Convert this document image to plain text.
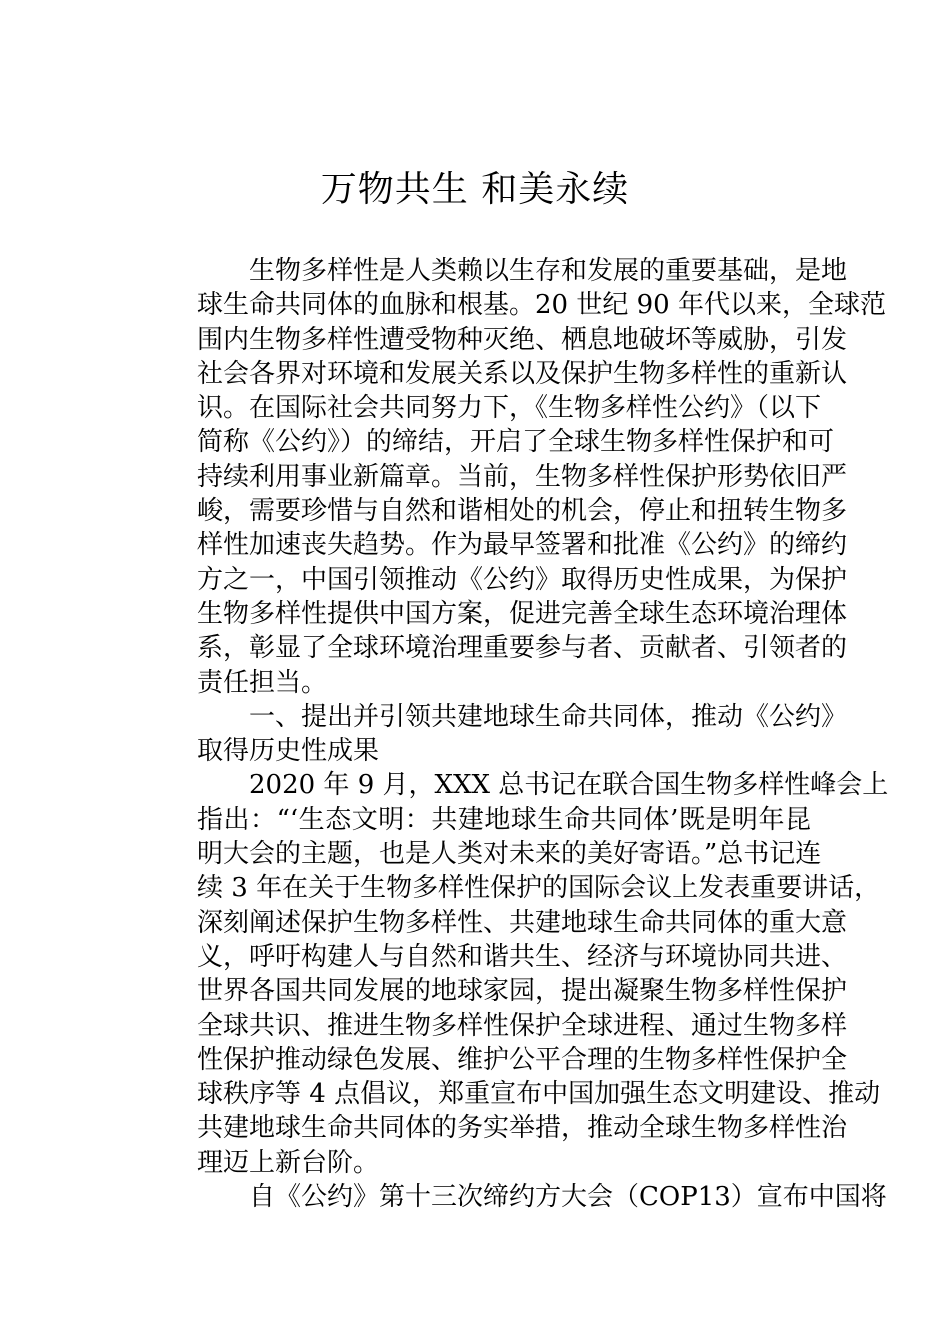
万物共生 和美永续
生物多样性是人类赖以生存和发展的重要基础，是地
球生命共同体的血脉和根基。20 世纪 90 年代以来，全球范
围内生物多样性遭受物种灭绝、栖息地破坏等威胁，引发
社会各界对环境和发展关系以及保护生物多样性的重新认
识。在国际社会共同努力下，《生物多样性公约》（以下
简称《公约》）的缔结，开启了全球生物多样性保护和可
持续利用事业新篇章。当前，生物多样性保护形势依旧严
峻，需要珍惜与自然和谐相处的机会，停止和扭转生物多
样性加速丧失趋势。作为最早签署和批准《公约》的缔约
方之一，中国引领推动《公约》取得历史性成果，为保护
生物多样性提供中国方案，促进完善全球生态环境治理体
系，彰显了全球环境治理重要参与者、贡献者、引领者的
责任担当。
一、提出并引领共建地球生命共同体，推动《公约》
取得历史性成果
2020 年 9 月，XXX 总书记在联合国生物多样性峰会上
指出：“‘生态文明：共建地球生命共同体’既是明年昆
明大会的主题，也是人类对未来的美好寄语。”总书记连
续 3 年在关于生物多样性保护的国际会议上发表重要讲话，
深刻阐述保护生物多样性、共建地球生命共同体的重大意
义，呼吁构建人与自然和谐共生、经济与环境协同共进、
世界各国共同发展的地球家园，提出凝聚生物多样性保护
全球共识、推进生物多样性保护全球进程、通过生物多样
性保护推动绿色发展、维护公平合理的生物多样性保护全
球秩序等 4 点倡议，郑重宣布中国加强生态文明建设、推动
共建地球生命共同体的务实举措，推动全球生物多样性治
理迈上新台阶。
自《公约》第十三次缔约方大会（COP13）宣布中国将
